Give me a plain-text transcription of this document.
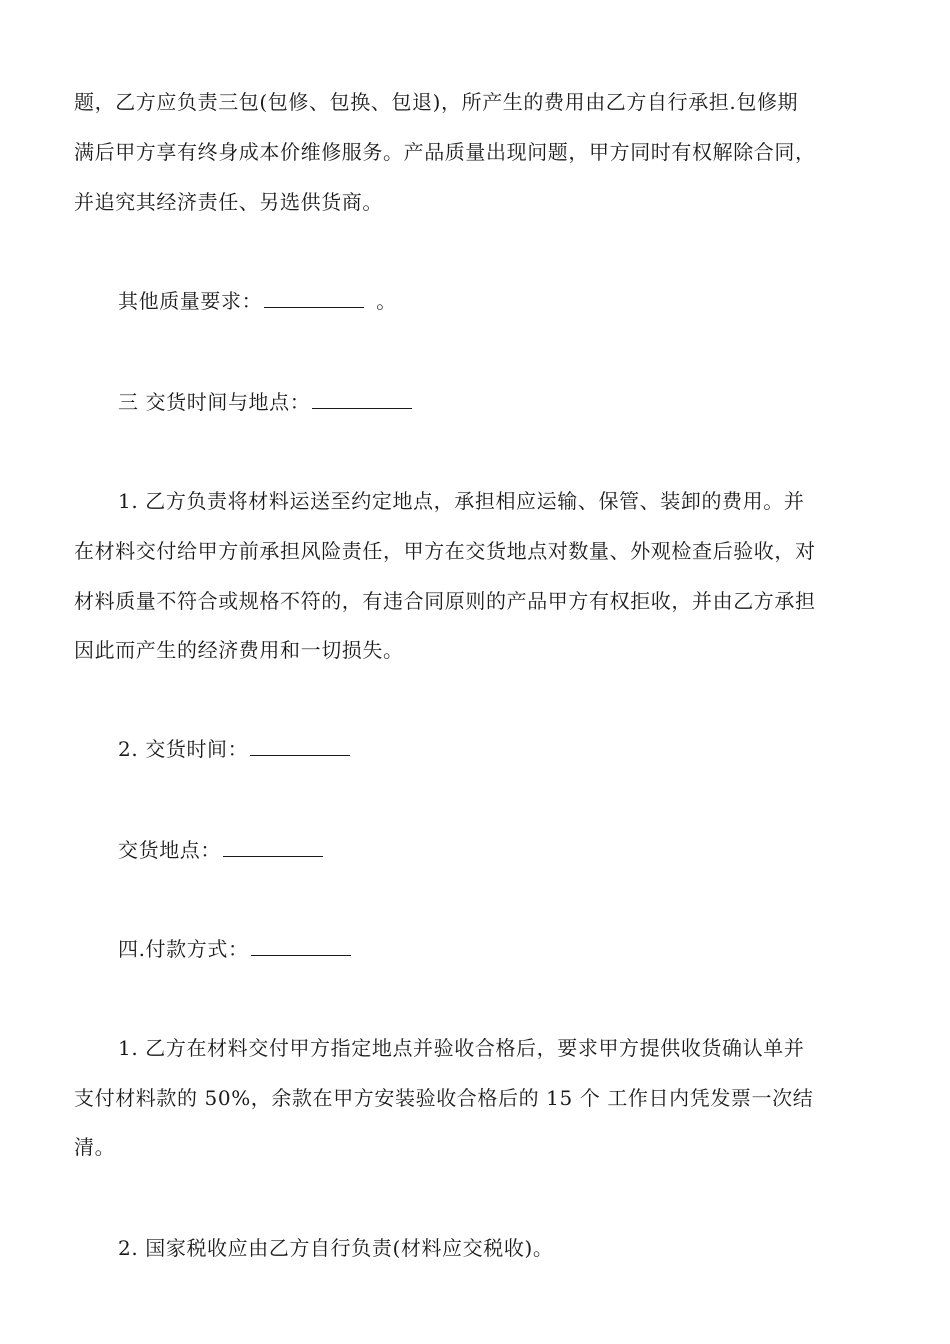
题，乙方应负责三包(包修、包换、包退)，所产生的费用由乙方自行承担.包修期
满后甲方享有终身成本价维修服务。产品质量出现问题，甲方同时有权解除合同，
并追究其经济责任、另选供货商。
其他质量要求：	。
三 交货时间与地点：
1. 乙方负责将材料运送至约定地点，承担相应运输、保管、装卸的费用。并
在材料交付给甲方前承担风险责任，甲方在交货地点对数量、外观检查后验收，对
材料质量不符合或规格不符的，有违合同原则的产品甲方有权拒收，并由乙方承担
因此而产生的经济费用和一切损失。
2. 交货时间：
交货地点：
四.付款方式：
1. 乙方在材料交付甲方指定地点并验收合格后，要求甲方提供收货确认单并
支付材料款的 50%，余款在甲方安装验收合格后的 15 个 工作日内凭发票一次结
清。
2. 国家税收应由乙方自行负责(材料应交税收)。
